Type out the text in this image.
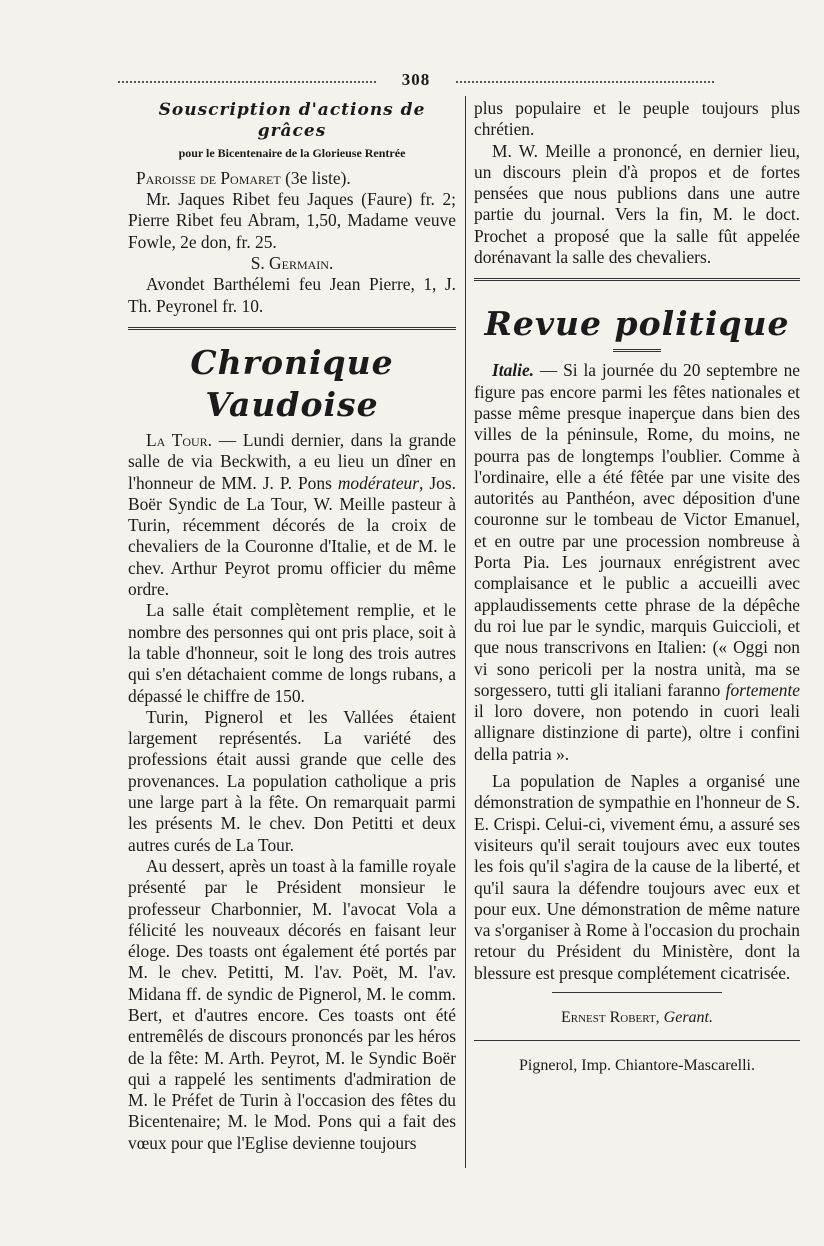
308
Souscription d'actions de grâces
pour le Bicentenaire de la Glorieuse Rentrée

Paroisse de Pomaret (3e liste).

Mr. Jaques Ribet feu Jaques (Faure) fr. 2; Pierre Ribet feu Abram, 1,50, Madame veuve Fowle, 2e don, fr. 25.

S. Germain.

Avondet Barthélemi feu Jean Pierre, 1, J. Th. Peyronel fr. 10.

Chronique Vaudoise

La Tour. — Lundi dernier, dans la grande salle de via Beckwith, a eu lieu un dîner en l'honneur de MM. J. P. Pons modérateur, Jos. Boër Syndic de La Tour, W. Meille pasteur à Turin, récemment décorés de la croix de chevaliers de la Couronne d'Italie, et de M. le chev. Arthur Peyrot promu officier du même ordre.

La salle était complètement remplie, et le nombre des personnes qui ont pris place, soit à la table d'honneur, soit le long des trois autres qui s'en détachaient comme de longs rubans, a dépassé le chiffre de 150.

Turin, Pignerol et les Vallées étaient largement représentés. La variété des professions était aussi grande que celle des provenances. La population catholique a pris une large part à la fête. On remarquait parmi les présents M. le chev. Don Petitti et deux autres curés de La Tour.

Au dessert, après un toast à la famille royale présenté par le Président monsieur le professeur Charbonnier, M. l'avocat Vola a félicité les nouveaux décorés en faisant leur éloge. Des toasts ont également été portés par M. le chev. Petitti, M. l'av. Poët, M. l'av. Midana ff. de syndic de Pignerol, M. le comm. Bert, et d'autres encore. Ces toasts ont été entremêlés de discours prononcés par les héros de la fête: M. Arth. Peyrot, M. le Syndic Boër qui a rappelé les sentiments d'admiration de M. le Préfet de Turin à l'occasion des fêtes du Bicentenaire; M. le Mod. Pons qui a fait des vœux pour que l'Eglise devienne toujours

plus populaire et le peuple toujours plus chrétien.

M. W. Meille a prononcé, en dernier lieu, un discours plein d'à propos et de fortes pensées que nous publions dans une autre partie du journal. Vers la fin, M. le doct. Prochet a proposé que la salle fût appelée dorénavant la salle des chevaliers.

Revue politique

Italie. — Si la journée du 20 septembre ne figure pas encore parmi les fêtes nationales et passe même presque inaperçue dans bien des villes de la péninsule, Rome, du moins, ne pourra pas de longtemps l'oublier. Comme à l'ordinaire, elle a été fêtée par une visite des autorités au Panthéon, avec déposition d'une couronne sur le tombeau de Victor Emanuel, et en outre par une procession nombreuse à Porta Pia. Les journaux enrégistrent avec complaisance et le public a accueilli avec applaudissements cette phrase de la dépêche du roi lue par le syndic, marquis Guiccioli, et que nous transcrivons en Italien: (« Oggi non vi sono pericoli per la nostra unità, ma se sorgessero, tutti gli italiani faranno fortemente il loro dovere, non potendo in cuori leali allignare distinzione di parte), oltre i confini della patria ».

La population de Naples a organisé une démonstration de sympathie en l'honneur de S. E. Crispi. Celui-ci, vivement ému, a assuré ses visiteurs qu'il serait toujours avec eux toutes les fois qu'il s'agira de la cause de la liberté, et qu'il saura la défendre toujours avec eux et pour eux. Une démonstration de même nature va s'organiser à Rome à l'occasion du prochain retour du Président du Ministère, dont la blessure est presque complétement cicatrisée.

Ernest Robert, Gerant.
Pignerol, Imp. Chiantore-Mascarelli.
